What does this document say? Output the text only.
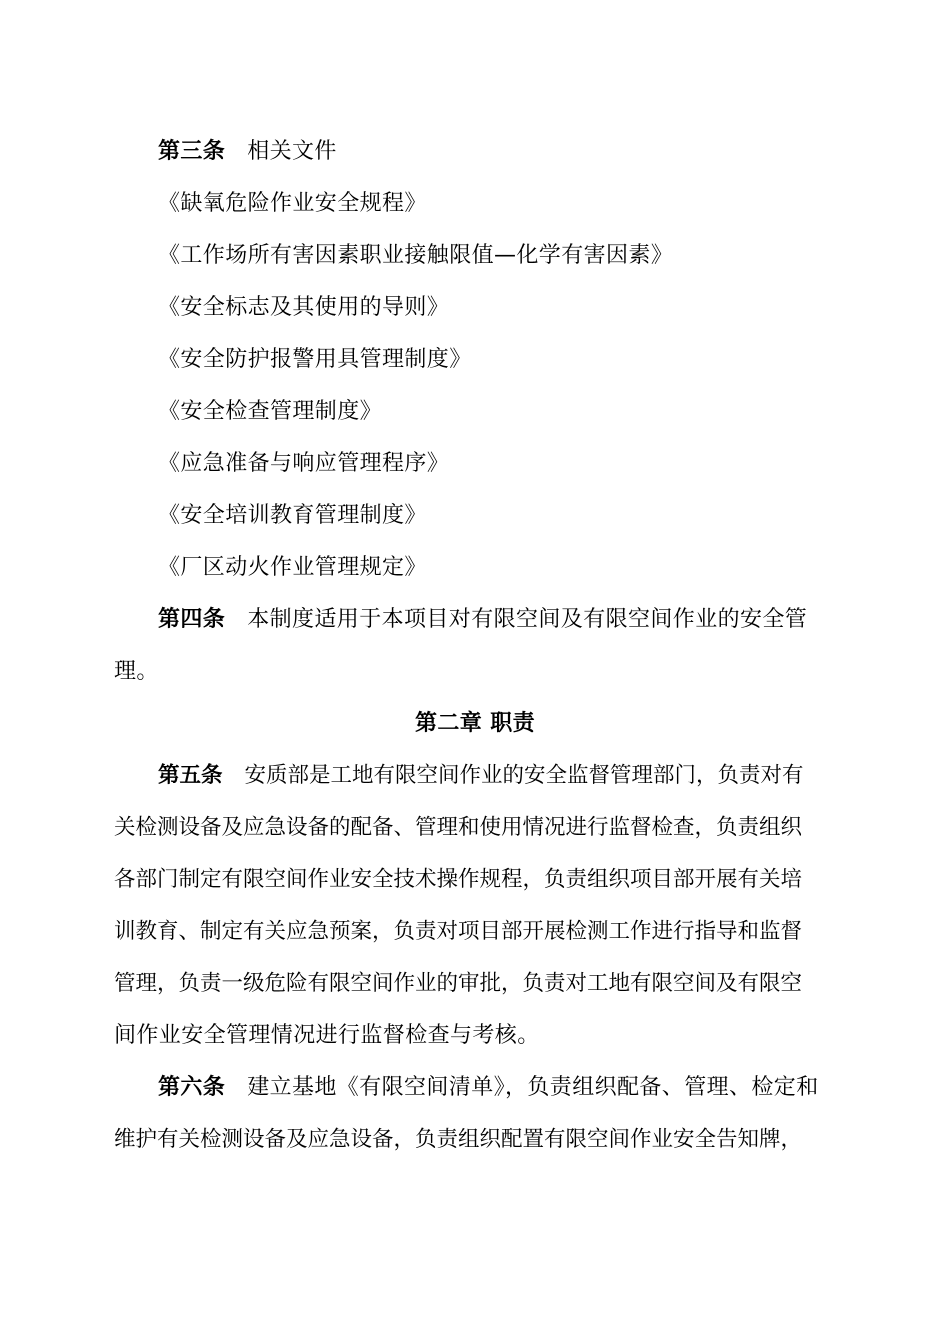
第三条 相关文件
《缺氧危险作业安全规程》
《工作场所有害因素职业接触限值—化学有害因素》
《安全标志及其使用的导则》
《安全防护报警用具管理制度》
《安全检查管理制度》
《应急准备与响应管理程序》
《安全培训教育管理制度》
《厂区动火作业管理规定》
第四条 本制度适用于本项目对有限空间及有限空间作业的安全管
理。
第二章 职责
第五条 安质部是工地有限空间作业的安全监督管理部门，负责对有
关检测设备及应急设备的配备、管理和使用情况进行监督检查，负责组织
各部门制定有限空间作业安全技术操作规程，负责组织项目部开展有关培
训教育、制定有关应急预案，负责对项目部开展检测工作进行指导和监督
管理，负责一级危险有限空间作业的审批，负责对工地有限空间及有限空
间作业安全管理情况进行监督检查与考核。
第六条 建立基地《有限空间清单》，负责组织配备、管理、检定和
维护有关检测设备及应急设备，负责组织配置有限空间作业安全告知牌，
